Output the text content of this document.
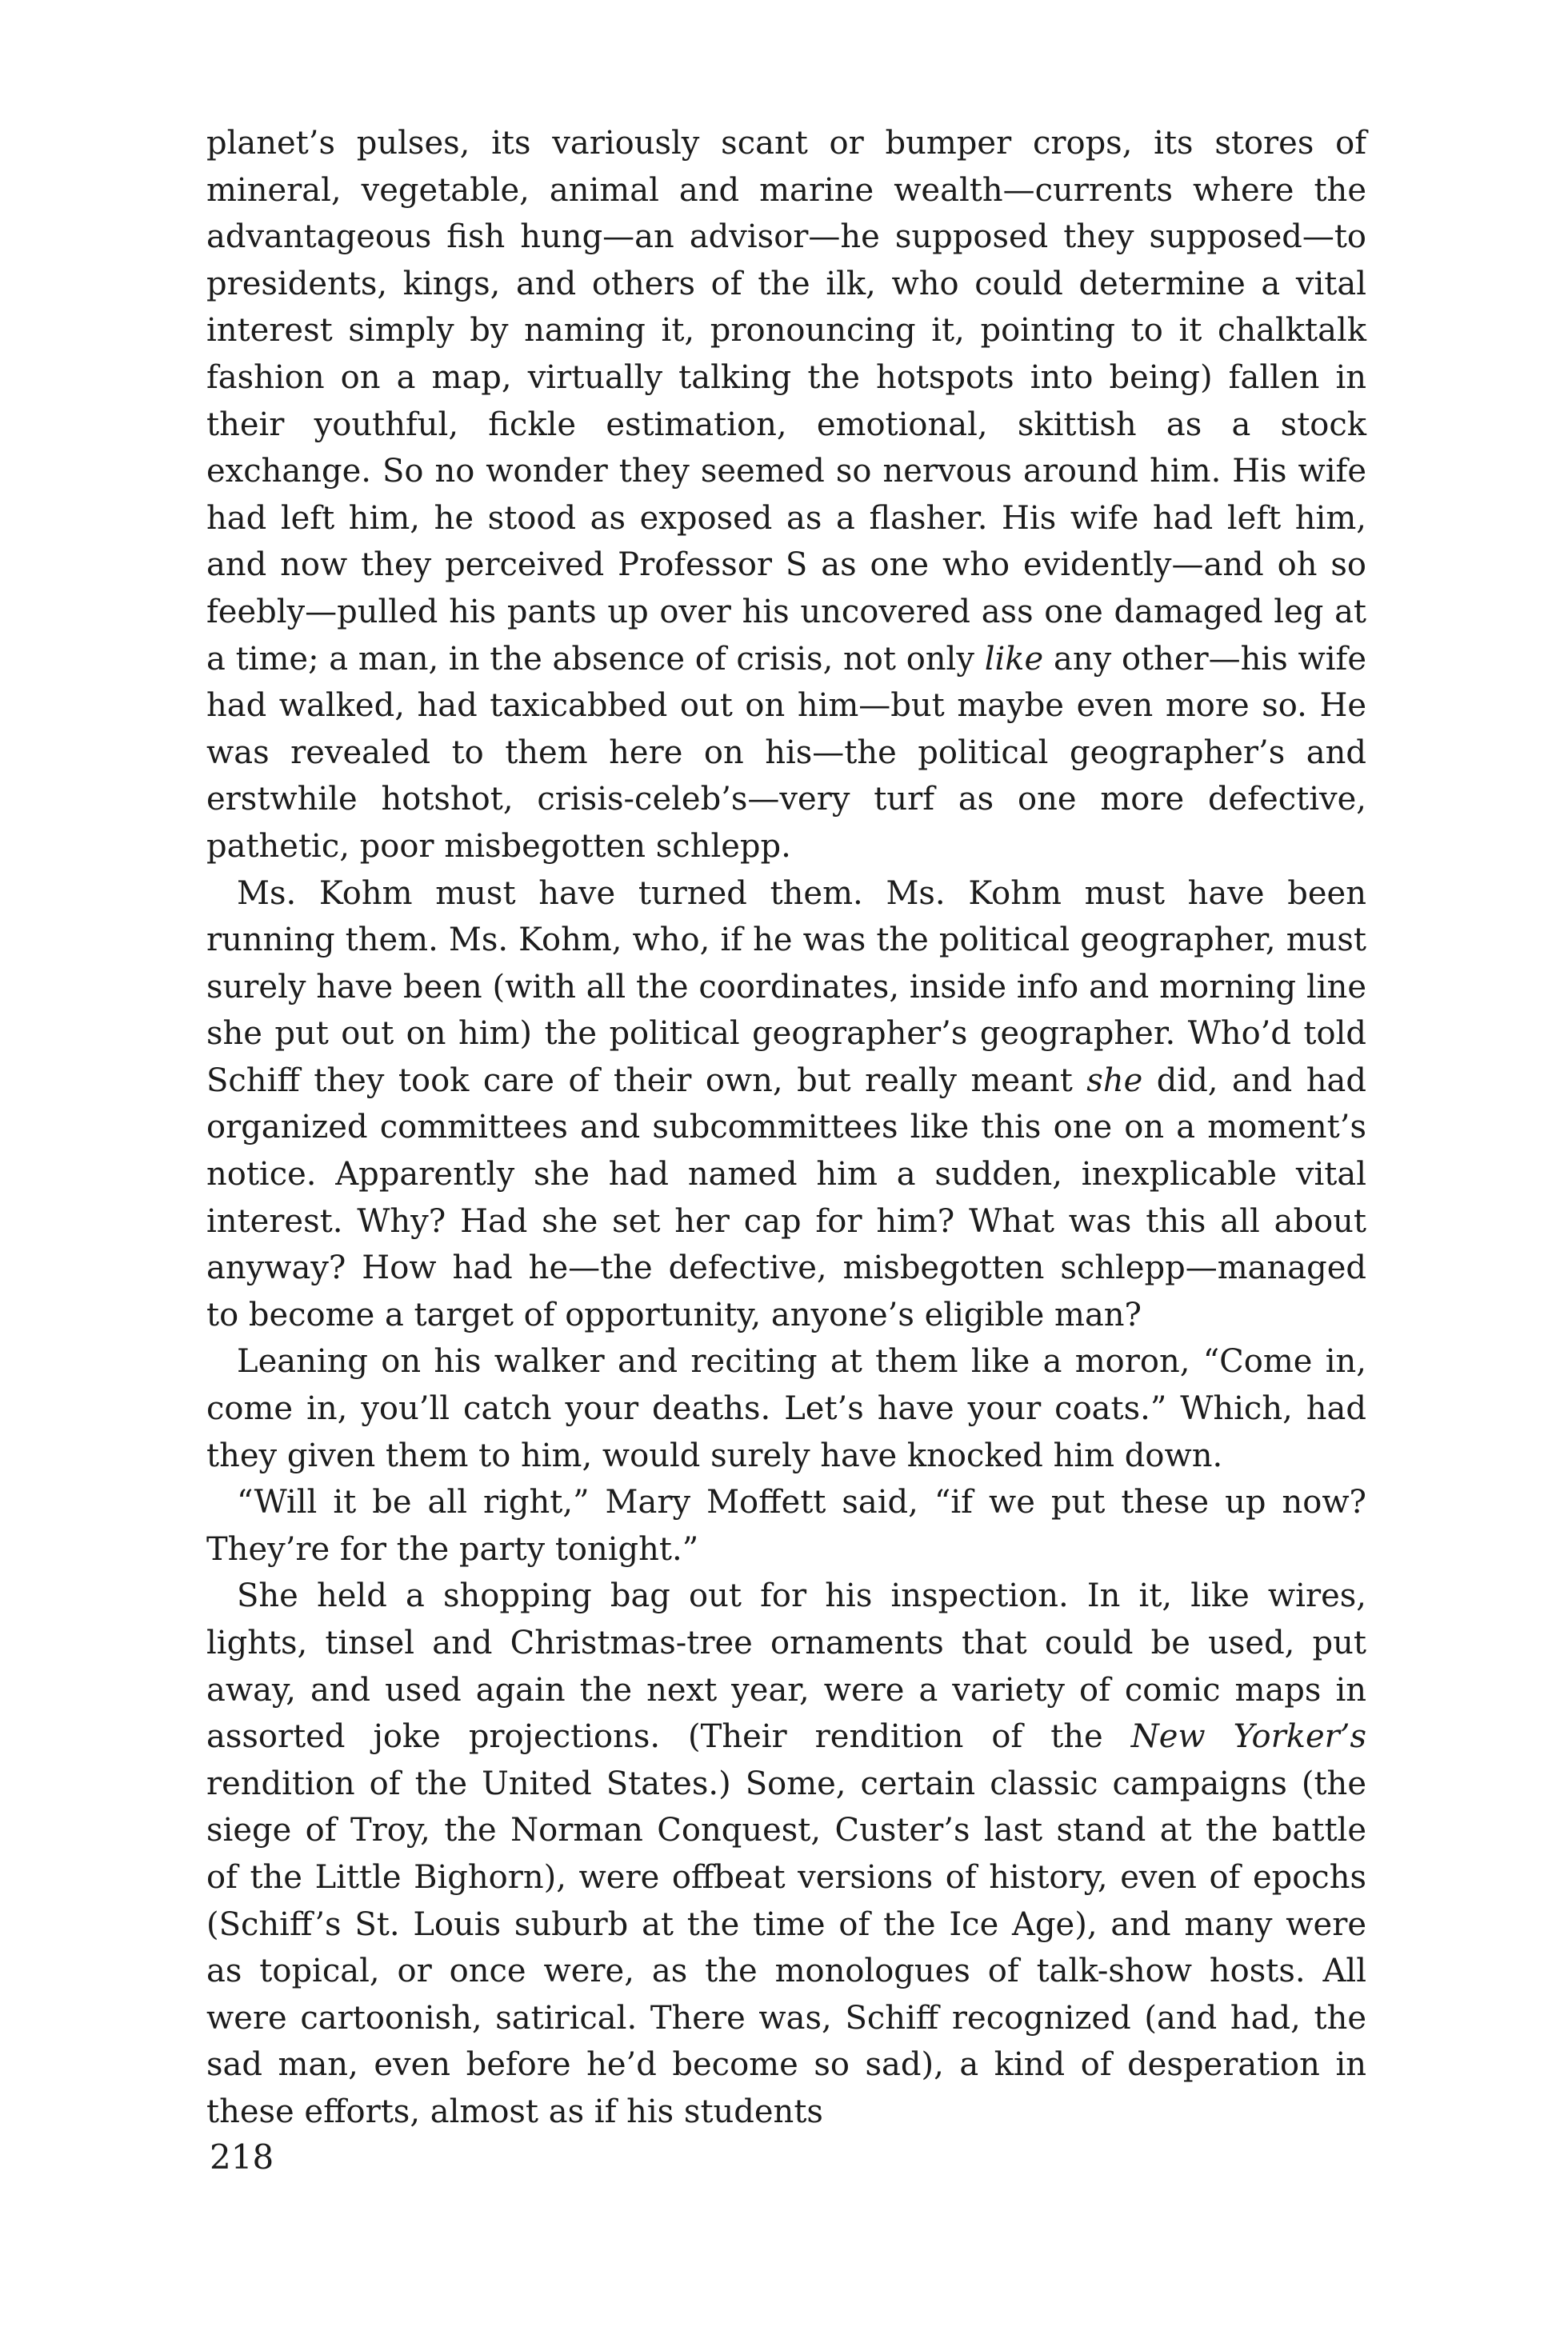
planet’s pulses, its variously scant or bumper crops, its stores of mineral, vegetable, animal and marine wealth—currents where the advantageous fish hung—an advisor—he supposed they supposed—to presidents, kings, and others of the ilk, who could determine a vital interest simply by naming it, pronouncing it, pointing to it chalktalk fashion on a map, virtually talking the hotspots into being) fallen in their youthful, fickle estimation, emotional, skittish as a stock exchange. So no wonder they seemed so nervous around him. His wife had left him, he stood as exposed as a flasher. His wife had left him, and now they perceived Professor S as one who evidently—and oh so feebly—pulled his pants up over his uncovered ass one damaged leg at a time; a man, in the absence of crisis, not only like any other—his wife had walked, had taxicabbed out on him—but maybe even more so. He was revealed to them here on his—the political geographer’s and erstwhile hotshot, crisis-celeb’s—very turf as one more defective, pathetic, poor misbegotten schlepp.

Ms. Kohm must have turned them. Ms. Kohm must have been running them. Ms. Kohm, who, if he was the political geographer, must surely have been (with all the coordinates, inside info and morning line she put out on him) the political geographer’s geographer. Who’d told Schiff they took care of their own, but really meant she did, and had organized committees and subcommittees like this one on a moment’s notice. Apparently she had named him a sudden, inexplicable vital interest. Why? Had she set her cap for him? What was this all about anyway? How had he—the defective, misbegotten schlepp—managed to become a target of opportunity, anyone’s eligible man?

Leaning on his walker and reciting at them like a moron, “Come in, come in, you’ll catch your deaths. Let’s have your coats.” Which, had they given them to him, would surely have knocked him down.

“Will it be all right,” Mary Moffett said, “if we put these up now? They’re for the party tonight.”

She held a shopping bag out for his inspection. In it, like wires, lights, tinsel and Christmas-tree ornaments that could be used, put away, and used again the next year, were a variety of comic maps in assorted joke projections. (Their rendition of the New Yorker’s rendition of the United States.) Some, certain classic campaigns (the siege of Troy, the Norman Conquest, Custer’s last stand at the battle of the Little Bighorn), were offbeat versions of history, even of epochs (Schiff’s St. Louis suburb at the time of the Ice Age), and many were as topical, or once were, as the monologues of talk-show hosts. All were cartoonish, satirical. There was, Schiff recognized (and had, the sad man, even before he’d become so sad), a kind of desperation in these efforts, almost as if his students

218
